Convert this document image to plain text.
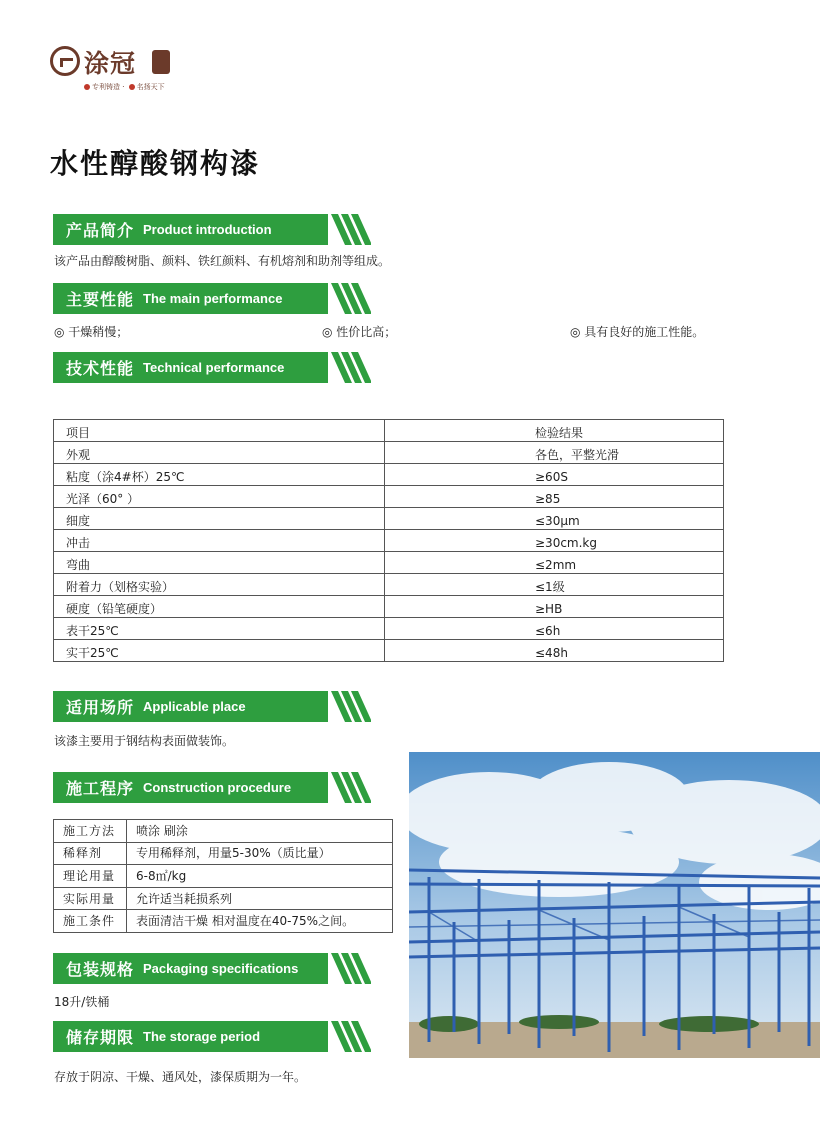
涂冠
专利铸造 · 名扬天下
水性醇酸钢构漆
产品简介 Product introduction
该产品由醇酸树脂、颜料、铁红颜料、有机熔剂和助剂等组成。
主要性能 The main performance
◎ 干燥稍慢；	◎ 性价比高；	◎ 具有良好的施工性能。
技术性能 Technical performance
项目	检验结果
外观	各色，平整光滑
粘度（涂4#杯）25℃	≥60S
光泽（60° ）	≥85
细度	≤30μm
冲击	≥30cm.kg
弯曲	≤2mm
附着力（划格实验）	≤1级
硬度（铅笔硬度）	≥HB
表干25℃	≤6h
实干25℃	≤48h
适用场所 Applicable place
该漆主要用于钢结构表面做装饰。
施工程序 Construction procedure
施工方法	喷涂 刷涂
稀释剂	专用稀释剂，用量5-30%（质比量）
理论用量	6-8㎡/kg
实际用量	允许适当耗损系列
施工条件	表面清洁干燥 相对温度在40-75%之间。
包装规格 Packaging specifications
18升/铁桶
储存期限 The storage period
存放于阴凉、干燥、通风处，漆保质期为一年。
